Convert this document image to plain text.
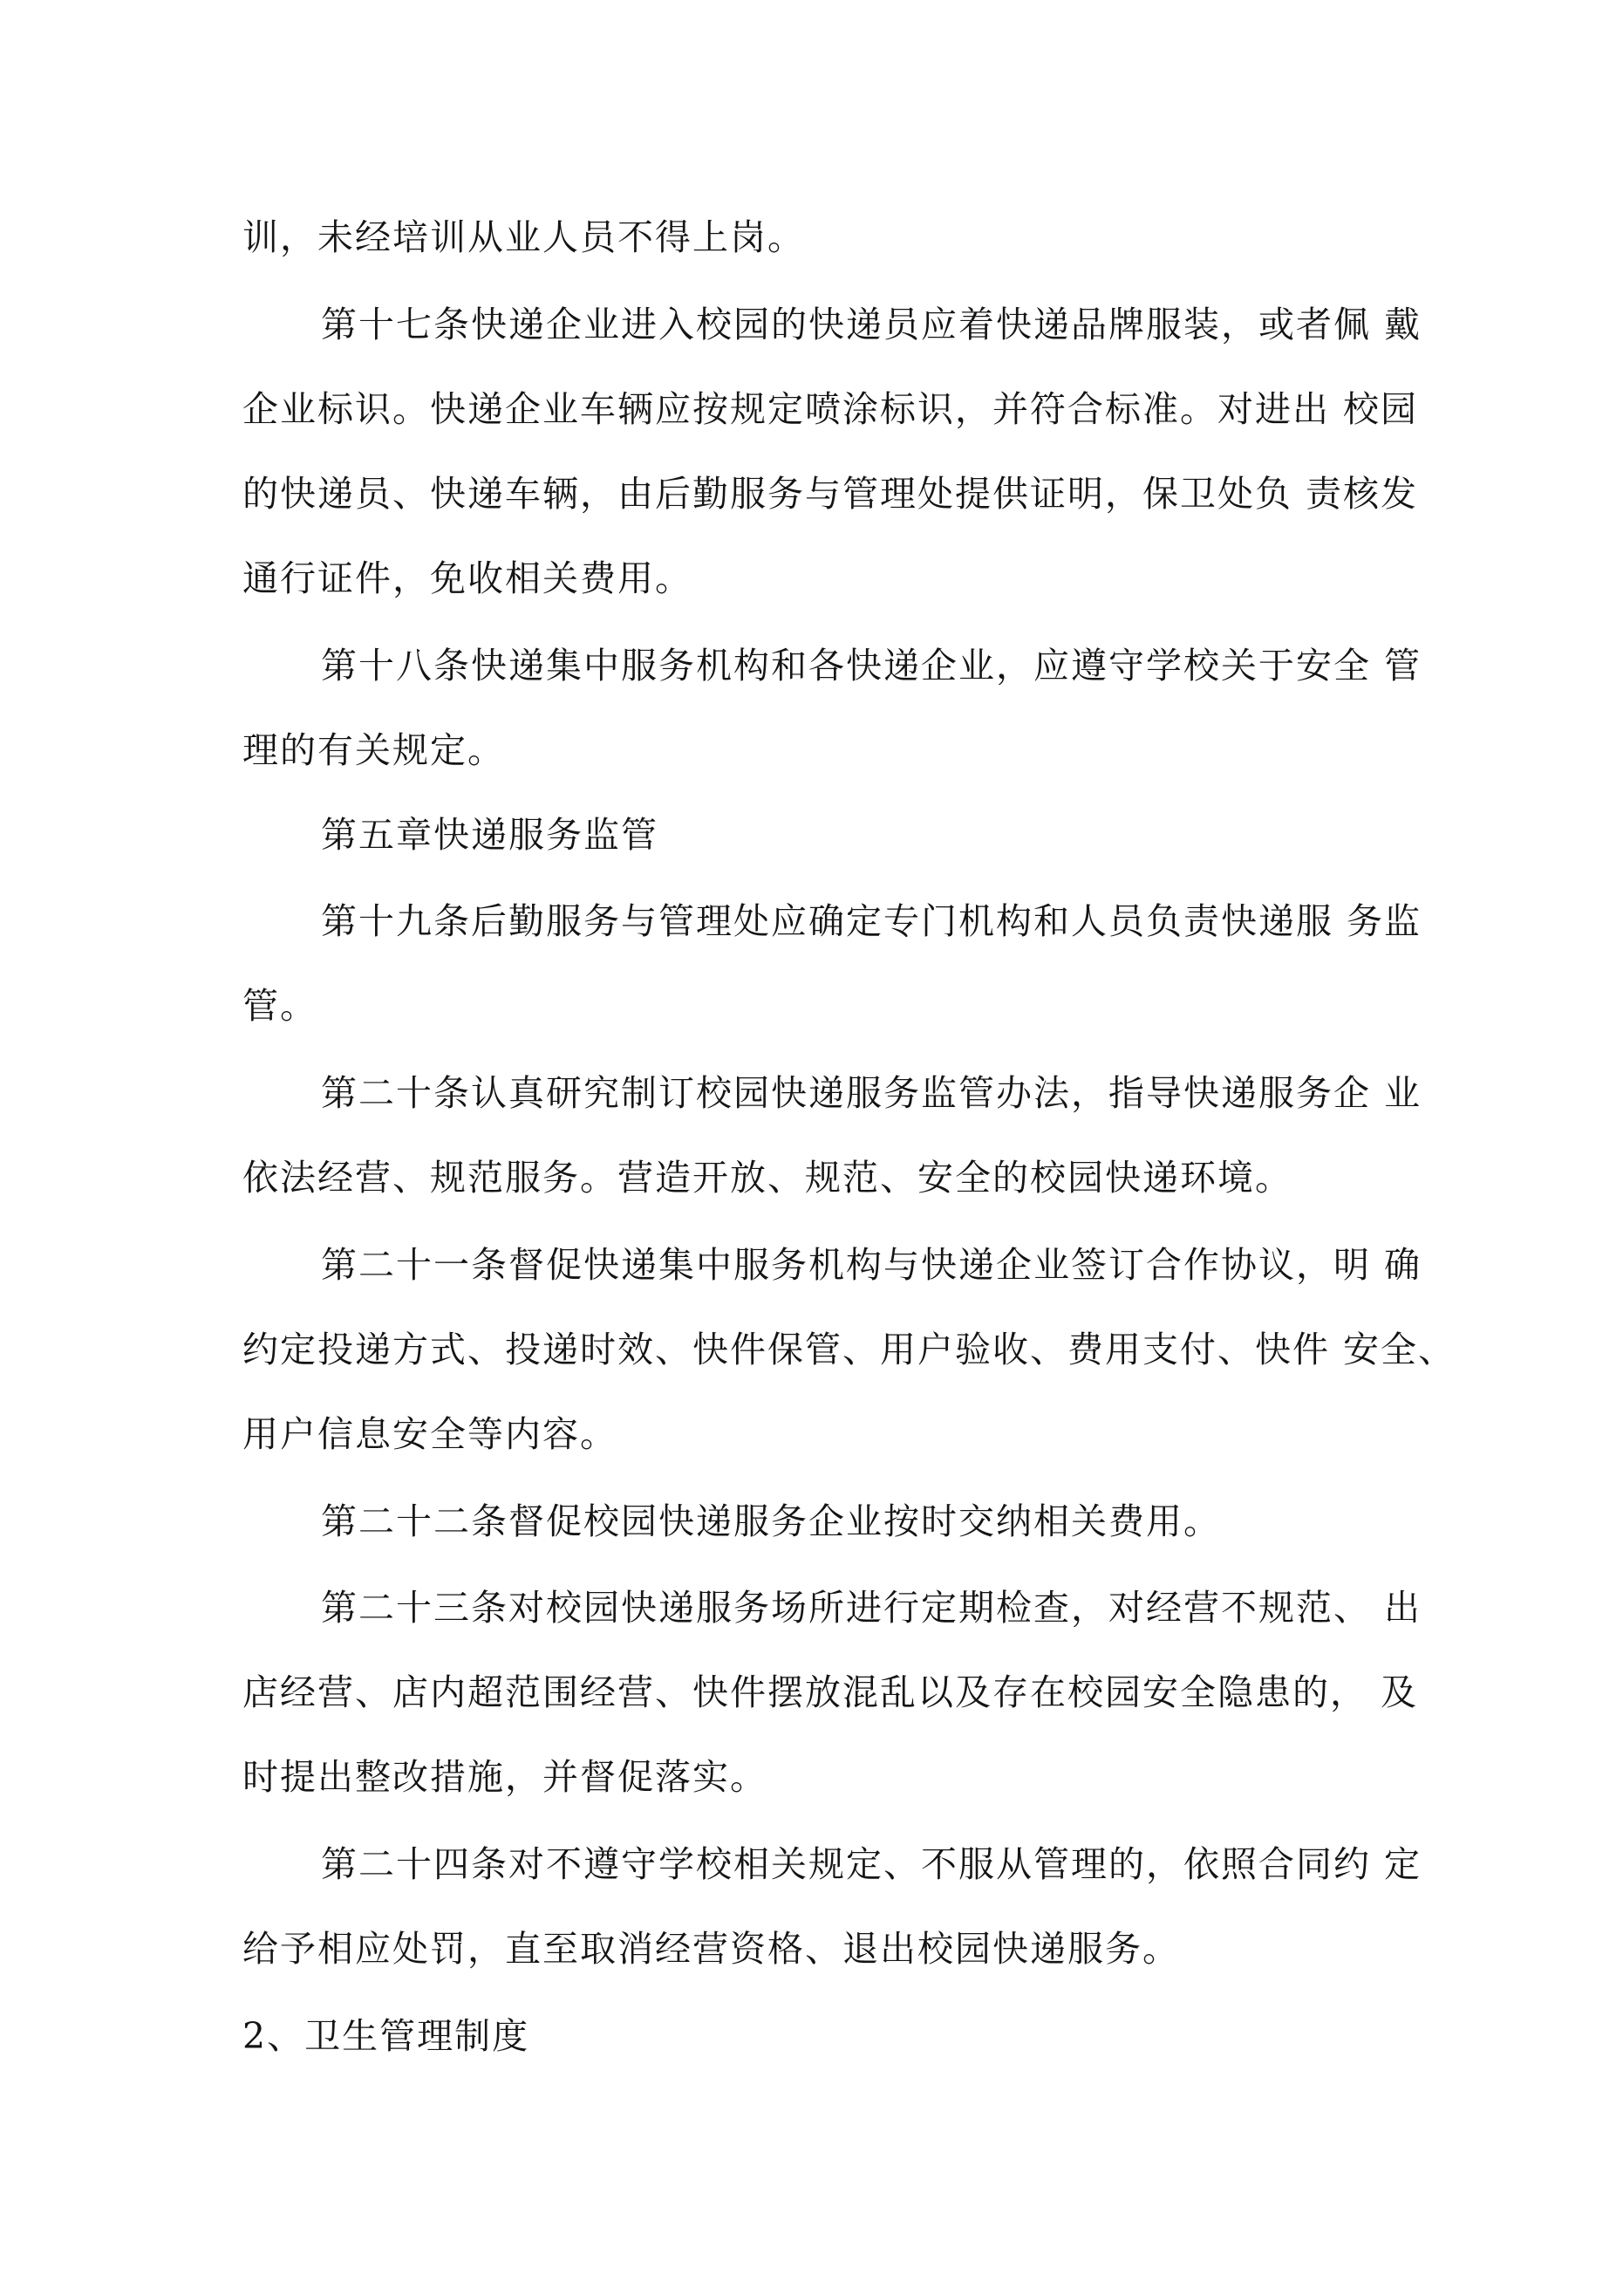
训，未经培训从业人员不得上岗。
第十七条快递企业进入校园的快递员应着快递品牌服装，或者佩 戴
企业标识。快递企业车辆应按规定喷涂标识，并符合标准。对进出 校园
的快递员、快递车辆，由后勤服务与管理处提供证明，保卫处负 责核发
通行证件，免收相关费用。
第十八条快递集中服务机构和各快递企业，应遵守学校关于安全 管
理的有关规定。
第五章快递服务监管
第十九条后勤服务与管理处应确定专门机构和人员负责快递服 务监
管。
第二十条认真研究制订校园快递服务监管办法，指导快递服务企 业
依法经营、规范服务。营造开放、规范、安全的校园快递环境。
第二十一条督促快递集中服务机构与快递企业签订合作协议，明 确
约定投递方式、投递时效、快件保管、用户验收、费用支付、快件 安全、
用户信息安全等内容。
第二十二条督促校园快递服务企业按时交纳相关费用。
第二十三条对校园快递服务场所进行定期检查，对经营不规范、 出
店经营、店内超范围经营、快件摆放混乱以及存在校园安全隐患的， 及
时提出整改措施，并督促落实。
第二十四条对不遵守学校相关规定、不服从管理的，依照合同约 定
给予相应处罚，直至取消经营资格、退出校园快递服务。
2、卫生管理制度
